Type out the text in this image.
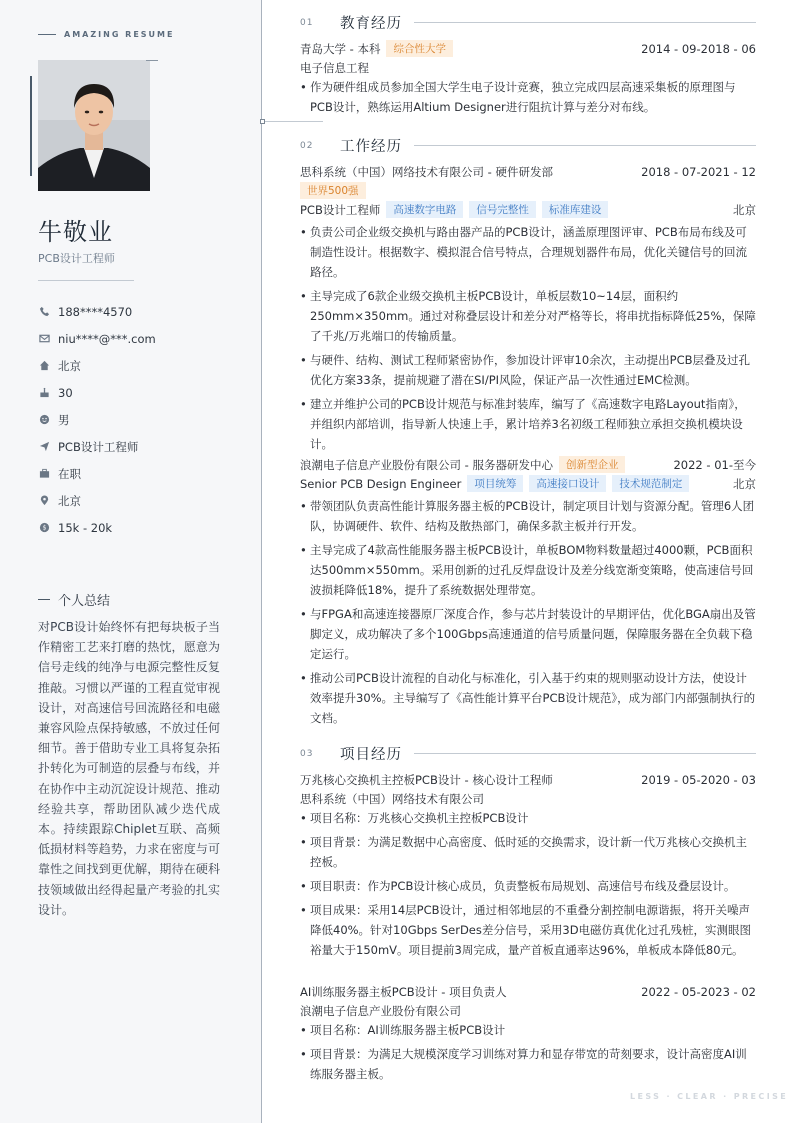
AMAZING RESUME
牛敬业
PCB设计工程师
188****4570
niu****@***.com
北京
30
男
PCB设计工程师
在职
北京
$ 15k - 20k
个人总结
对PCB设计始终怀有把每块板子当作精密工艺来打磨的热忱，愿意为信号走线的纯净与电源完整性反复推敲。习惯以严谨的工程直觉审视设计，对高速信号回流路径和电磁兼容风险点保持敏感，不放过任何细节。善于借助专业工具将复杂拓扑转化为可制造的层叠与布线，并在协作中主动沉淀设计规范、推动经验共享，帮助团队减少迭代成本。持续跟踪Chiplet互联、高频低损材料等趋势，力求在密度与可靠性之间找到更优解，期待在硬科技领域做出经得起量产考验的扎实设计。
01	教育经历
青岛大学 - 本科	综合性大学	2014 - 09-2018 - 06
电子信息工程
• 作为硬件组成员参加全国大学生电子设计竞赛，独立完成四层高速采集板的原理图与PCB设计，熟练运用Altium Designer进行阻抗计算与差分对布线。
02	工作经历
思科系统（中国）网络技术有限公司 - 硬件研发部	2018 - 07-2021 - 12
世界500强
PCB设计工程师	高速数字电路	信号完整性	标准库建设	北京
• 负责公司企业级交换机与路由器产品的PCB设计，涵盖原理图评审、PCB布局布线及可制造性设计。根据数字、模拟混合信号特点，合理规划器件布局，优化关键信号的回流路径。
• 主导完成了6款企业级交换机主板PCB设计，单板层数10~14层，面积约250mm×350mm。通过对称叠层设计和差分对严格等长，将串扰指标降低25%，保障了千兆/万兆端口的传输质量。
• 与硬件、结构、测试工程师紧密协作，参加设计评审10余次，主动提出PCB层叠及过孔优化方案33条，提前规避了潜在SI/PI风险，保证产品一次性通过EMC检测。
• 建立并维护公司的PCB设计规范与标准封装库，编写了《高速数字电路Layout指南》，并组织内部培训，指导新人快速上手，累计培养3名初级工程师独立承担交换机模块设计。
浪潮电子信息产业股份有限公司 - 服务器研发中心	创新型企业	2022 - 01-至今
Senior PCB Design Engineer	项目统筹	高速接口设计	技术规范制定	北京
• 带领团队负责高性能计算服务器主板的PCB设计，制定项目计划与资源分配。管理6人团队，协调硬件、软件、结构及散热部门，确保多款主板并行开发。
• 主导完成了4款高性能服务器主板PCB设计，单板BOM物料数量超过4000颗，PCB面积达500mm×550mm。采用创新的过孔反焊盘设计及差分线宽渐变策略，使高速信号回波损耗降低18%，提升了系统数据处理带宽。
• 与FPGA和高速连接器原厂深度合作，参与芯片封装设计的早期评估，优化BGA扇出及管脚定义，成功解决了多个100Gbps高速通道的信号质量问题，保障服务器在全负载下稳定运行。
• 推动公司PCB设计流程的自动化与标准化，引入基于约束的规则驱动设计方法，使设计效率提升30%。主导编写了《高性能计算平台PCB设计规范》，成为部门内部强制执行的文档。
03	项目经历
万兆核心交换机主控板PCB设计 - 核心设计工程师	2019 - 05-2020 - 03
思科系统（中国）网络技术有限公司
• 项目名称：万兆核心交换机主控板PCB设计
• 项目背景：为满足数据中心高密度、低时延的交换需求，设计新一代万兆核心交换机主控板。
• 项目职责：作为PCB设计核心成员，负责整板布局规划、高速信号布线及叠层设计。
• 项目成果：采用14层PCB设计，通过相邻地层的不重叠分割控制电源谐振，将开关噪声降低40%。针对10Gbps SerDes差分信号，采用3D电磁仿真优化过孔残桩，实测眼图裕量大于150mV。项目提前3周完成，量产首板直通率达96%，单板成本降低80元。
AI训练服务器主板PCB设计 - 项目负责人	2022 - 05-2023 - 02
浪潮电子信息产业股份有限公司
• 项目名称：AI训练服务器主板PCB设计
• 项目背景：为满足大规模深度学习训练对算力和显存带宽的苛刻要求，设计高密度AI训练服务器主板。
LESS · CLEAR · PRECISE
